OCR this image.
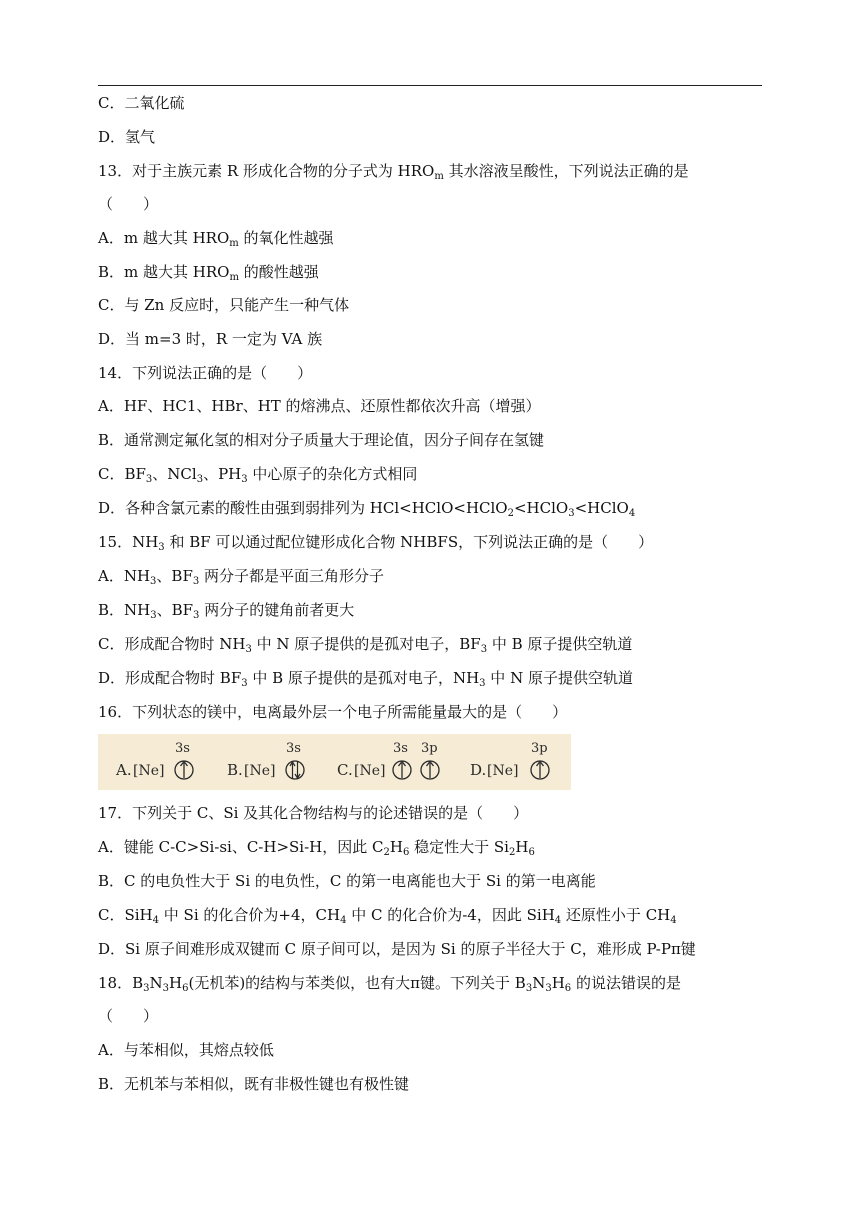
C．二氧化硫
D．氢气
13．对于主族元素 R 形成化合物的分子式为 $HRO_m$ 其水溶液呈酸性，下列说法正确的是
（　　）
A．m 越大其 $HRO_m$ 的氧化性越强
B．m 越大其 $HRO_m$ 的酸性越强
C．与 Zn 反应时，只能产生一种气体
D．当 m=3 时，R 一定为 VA 族
14．下列说法正确的是（　　）
A．HF、HC1、HBr、HT 的熔沸点、还原性都依次升高（增强）
B．通常测定氟化氢的相对分子质量大于理论值，因分子间存在氢键
C．$BF_3$、NCl$_3$、$PH_3$ 中心原子的杂化方式相同
D．各种含氯元素的酸性由强到弱排列为 HCl<HClO<HClO$_2$<HClO$_3$<HClO$_4$
15．$NH_3$ 和 BF 可以通过配位键形成化合物 NHBFS，下列说法正确的是（　　）
A．$NH_3$、$BF_3$ 两分子都是平面三角形分子
B．$NH_3$、$BF_3$ 两分子的键角前者更大
C．形成配合物时 $NH_3$ 中 N 原子提供的是孤对电子，$BF_3$ 中 B 原子提供空轨道
D．形成配合物时 $BF_3$ 中 B 原子提供的是孤对电子，$NH_3$ 中 N 原子提供空轨道
16．下列状态的镁中，电离最外层一个电子所需能量最大的是（　　）
A. [Ne]
3s
B. [Ne]
3s
C. [Ne]
3s 3p
D. [Ne]
3p
17．下列关于 C、Si 及其化合物结构与的论述错误的是（　　）
A．键能 C-C>Si-si、C-H>Si-H，因此 $C_2H_6$ 稳定性大于 $Si_2H_6$
B．C 的电负性大于 Si 的电负性，C 的第一电离能也大于 Si 的第一电离能
C．SiH$_4$ 中 Si 的化合价为+4，$CH_4$ 中 C 的化合价为-4，因此 SiH$_4$ 还原性小于 $CH_4$
D．Si 原子间难形成双键而 C 原子间可以，是因为 Si 的原子半径大于 C，难形成 P-Pπ键
18．$B_3N_3H_6$(无机苯)的结构与苯类似，也有大π键。下列关于 $B_3N_3H_6$ 的说法错误的是
（　　）
A．与苯相似，其熔点较低
B．无机苯与苯相似，既有非极性键也有极性键
